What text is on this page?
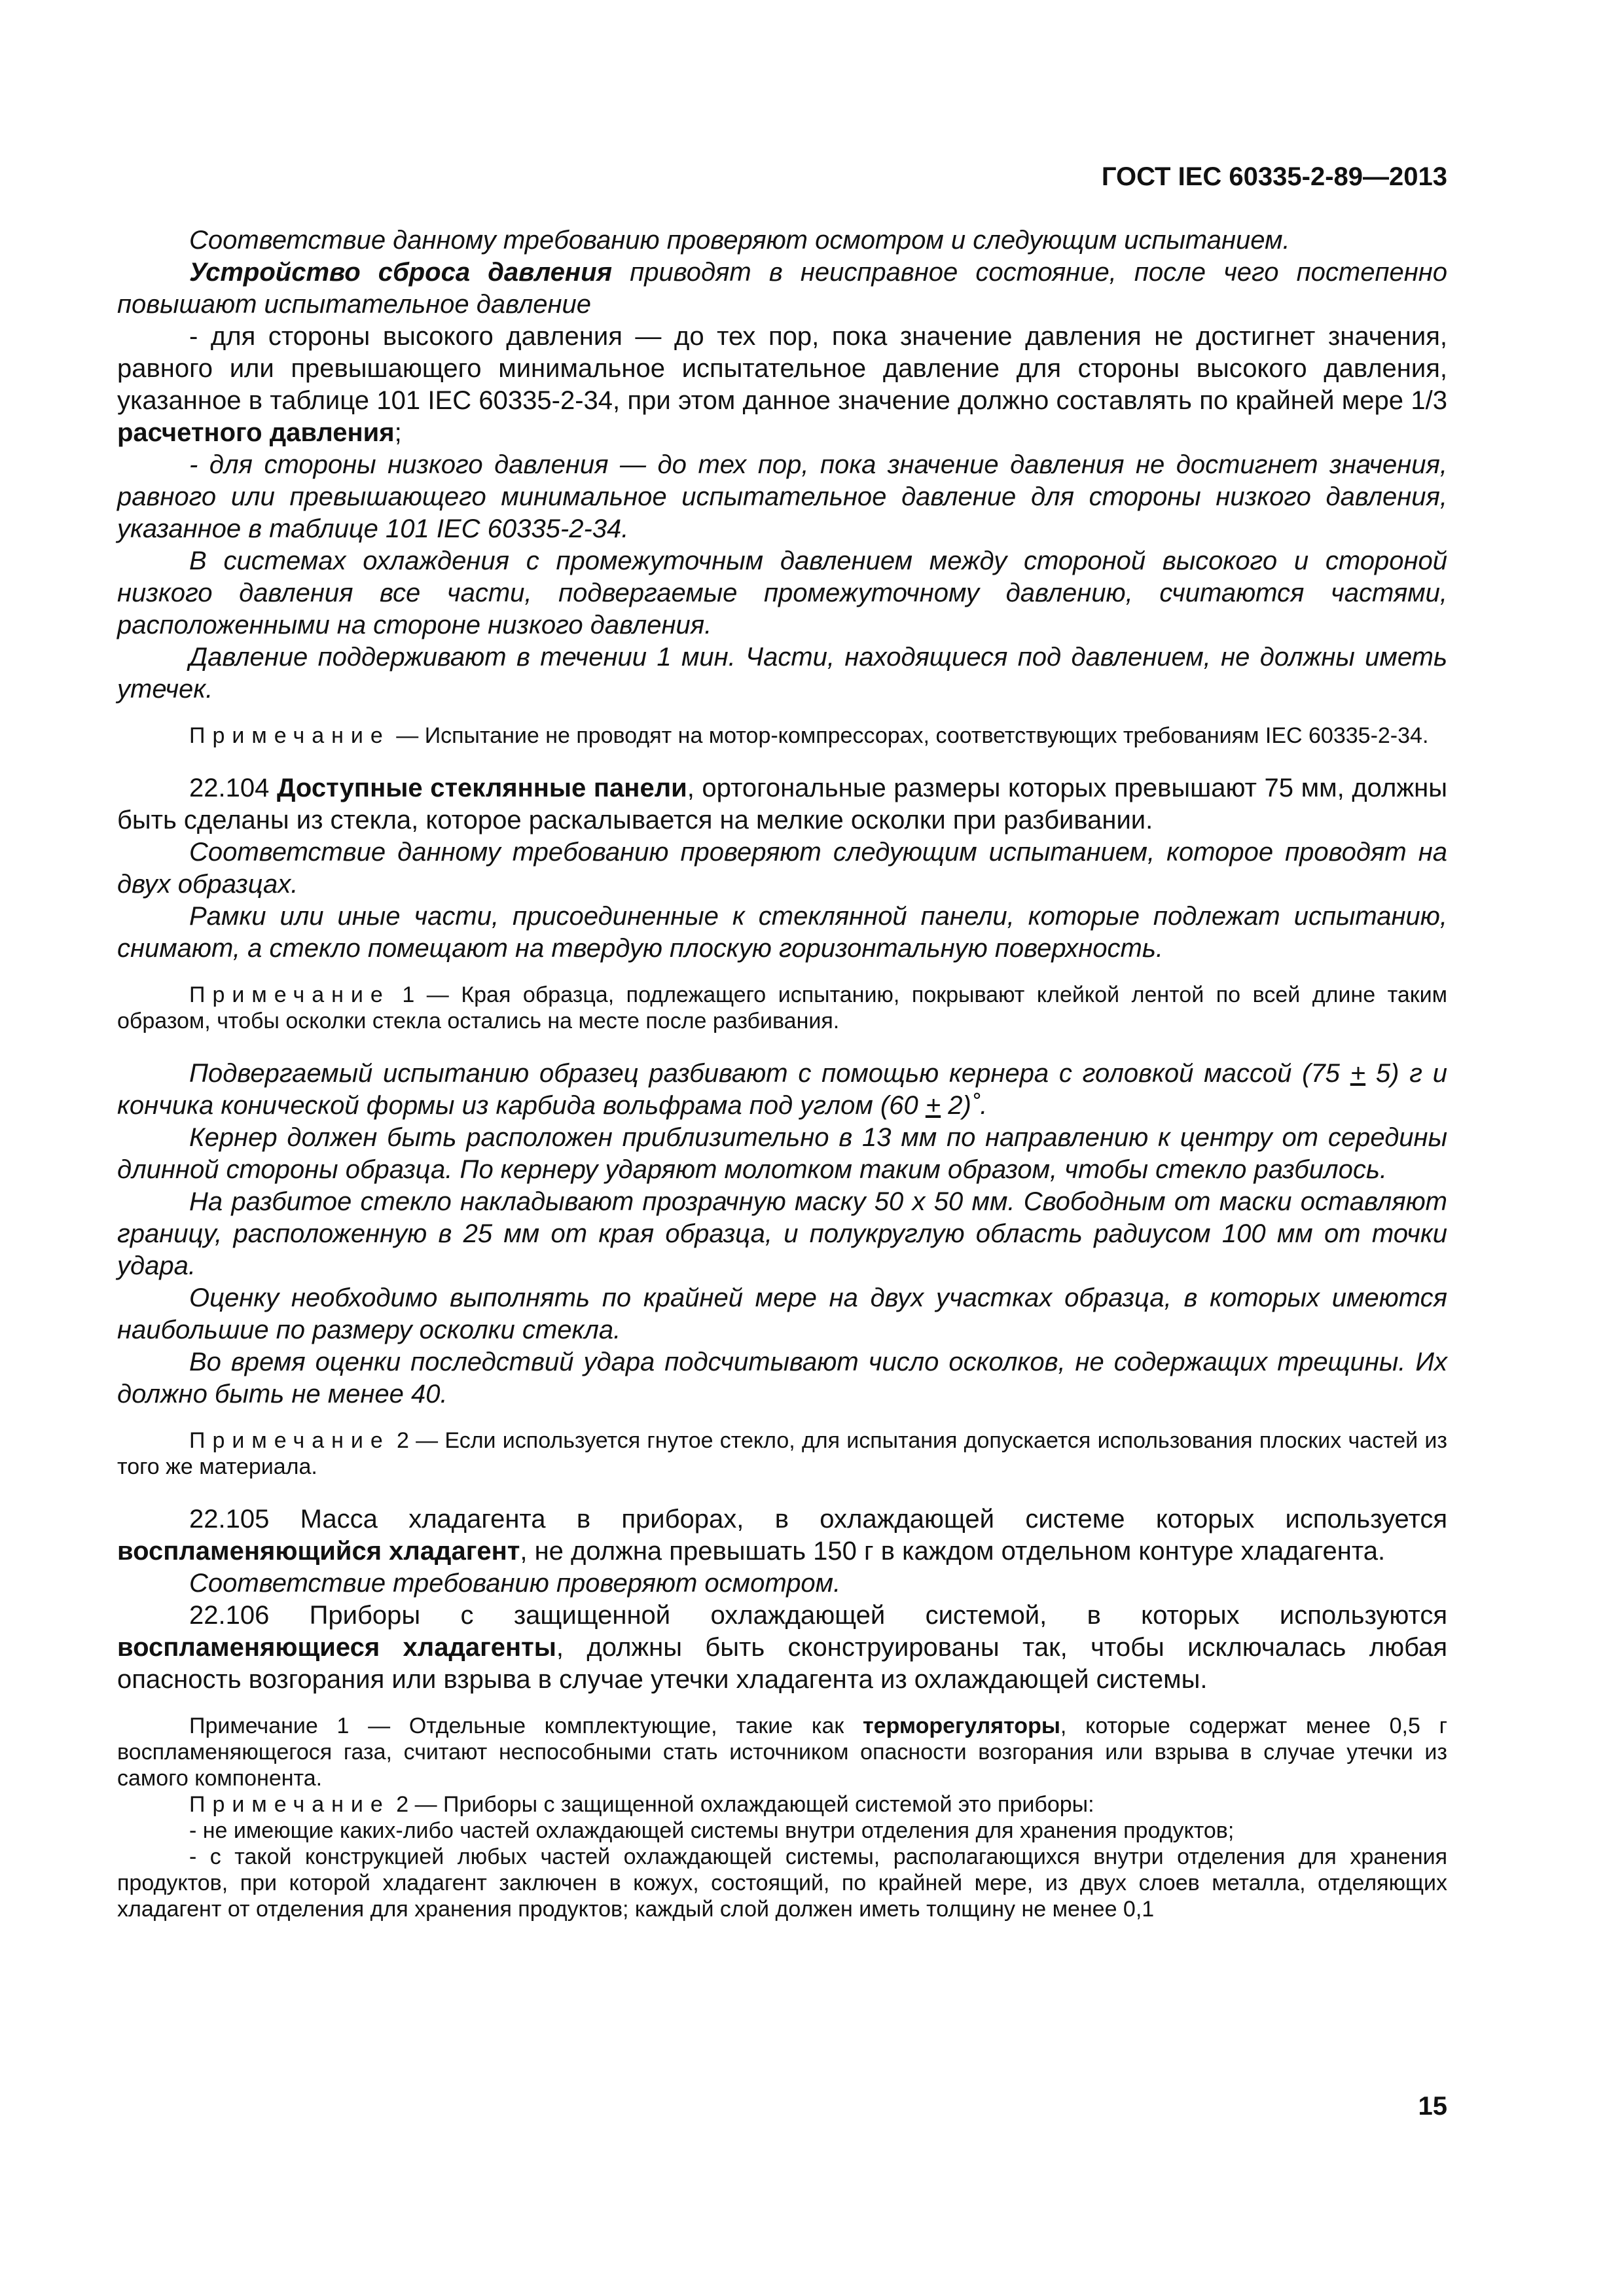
ГОСТ IEC 60335-2-89—2013

Соответствие данному требованию проверяют осмотром и следующим испытанием.

Устройство сброса давления приводят в неисправное состояние, после чего постепенно повышают испытательное давление

- для стороны высокого давления — до тех пор, пока значение давления не достигнет значения, равного или превышающего минимальное испытательное давление для стороны высокого давления, указанное в таблице 101 IEC 60335-2-34, при этом данное значение должно составлять по крайней мере 1/3 расчетного давления;

- для стороны низкого давления — до тех пор, пока значение давления не достигнет значения, равного или превышающего минимальное испытательное давление для стороны низкого давления, указанное в таблице 101 IEC 60335-2-34.

В системах охлаждения с промежуточным давлением между стороной высокого и стороной низкого давления все части, подвергаемые промежуточному давлению, считаются частями, расположенными на стороне низкого давления.

Давление поддерживают в течении 1 мин. Части, находящиеся под давлением, не должны иметь утечек.

Примечание — Испытание не проводят на мотор-компрессорах, соответствующих требованиям IEC 60335-2-34.

22.104 Доступные стеклянные панели, ортогональные размеры которых превышают 75 мм, должны быть сделаны из стекла, которое раскалывается на мелкие осколки при разбивании.

Соответствие данному требованию проверяют следующим испытанием, которое проводят на двух образцах.

Рамки или иные части, присоединенные к стеклянной панели, которые подлежат испытанию, снимают, а стекло помещают на твердую плоскую горизонтальную поверхность.

Примечание 1 — Края образца, подлежащего испытанию, покрывают клейкой лентой по всей длине таким образом, чтобы осколки стекла остались на месте после разбивания.

Подвергаемый испытанию образец разбивают с помощью кернера с головкой массой (75 + 5) г и кончика конической формы из карбида вольфрама под углом (60 + 2)˚.

Кернер должен быть расположен приблизительно в 13 мм по направлению к центру от середины длинной стороны образца. По кернеру ударяют молотком таким образом, чтобы стекло разбилось.

На разбитое стекло накладывают прозрачную маску 50 х 50 мм. Свободным от маски оставляют границу, расположенную в 25 мм от края образца, и полукруглую область радиусом 100 мм от точки удара.

Оценку необходимо выполнять по крайней мере на двух участках образца, в которых имеются наибольшие по размеру осколки стекла.

Во время оценки последствий удара подсчитывают число осколков, не содержащих трещины. Их должно быть не менее 40.

Примечание 2 — Если используется гнутое стекло, для испытания допускается использования плоских частей из того же материала.

22.105 Масса хладагента в приборах, в охлаждающей системе которых используется воспламеняющийся хладагент, не должна превышать 150 г в каждом отдельном контуре хладагента.

Соответствие требованию проверяют осмотром.

22.106 Приборы с защищенной охлаждающей системой, в которых используются воспламеняющиеся хладагенты, должны быть сконструированы так, чтобы исключалась любая опасность возгорания или взрыва в случае утечки хладагента из охлаждающей системы.

Примечание 1 — Отдельные комплектующие, такие как терморегуляторы, которые содержат менее 0,5 г воспламеняющегося газа, считают неспособными стать источником опасности возгорания или взрыва в случае утечки из самого компонента.

Примечание 2 — Приборы с защищенной охлаждающей системой это приборы:

- не имеющие каких-либо частей охлаждающей системы внутри отделения для хранения продуктов;

- с такой конструкцией любых частей охлаждающей системы, располагающихся внутри отделения для хранения продуктов, при которой хладагент заключен в кожух, состоящий, по крайней мере, из двух слоев металла, отделяющих хладагент от отделения для хранения продуктов; каждый слой должен иметь толщину не менее 0,1

15
